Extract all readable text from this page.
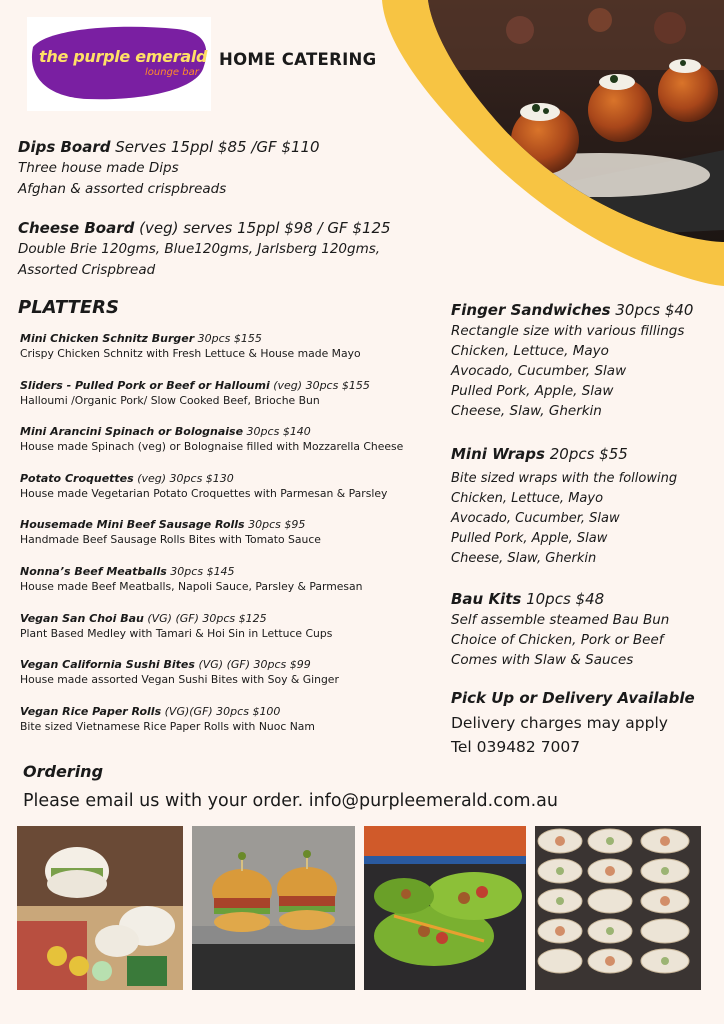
the purple emerald
lounge bar
HOME CATERING
Dips Board Serves 15ppl $85 /GF $110
Three house made Dips
Afghan & assorted crispbreads
Cheese Board (veg) serves 15ppl $98 / GF $125
Double Brie 120gms, Blue120gms, Jarlsberg 120gms,
Assorted Crispbread
PLATTERS
Mini Chicken Schnitz Burger 30pcs $155
Crispy Chicken Schnitz with Fresh Lettuce & House made Mayo
Sliders - Pulled Pork or Beef or Halloumi (veg) 30pcs $155
Halloumi /Organic Pork/ Slow Cooked Beef, Brioche Bun
Mini Arancini Spinach or Bolognaise 30pcs $140
House made Spinach (veg) or Bolognaise filled with Mozzarella Cheese
Potato Croquettes (veg) 30pcs $130
House made Vegetarian Potato Croquettes with Parmesan & Parsley
Housemade Mini Beef Sausage Rolls 30pcs $95
Handmade Beef Sausage Rolls Bites with Tomato Sauce
Nonna’s Beef Meatballs 30pcs $145
House made Beef Meatballs, Napoli Sauce, Parsley & Parmesan
Vegan San Choi Bau (VG) (GF) 30pcs $125
Plant Based Medley with Tamari & Hoi Sin in Lettuce Cups
Vegan California Sushi Bites (VG) (GF) 30pcs $99
House made assorted Vegan Sushi Bites with Soy & Ginger
Vegan Rice Paper Rolls (VG)(GF) 30pcs $100
Bite sized Vietnamese Rice Paper Rolls with Nuoc Nam
Finger Sandwiches 30pcs $40
Rectangle size with various fillings
Chicken, Lettuce, Mayo
Avocado, Cucumber, Slaw
Pulled Pork, Apple, Slaw
Cheese, Slaw, Gherkin
Mini Wraps 20pcs $55
Bite sized wraps with the following
Chicken, Lettuce, Mayo
Avocado, Cucumber, Slaw
Pulled Pork, Apple, Slaw
Cheese, Slaw, Gherkin
Bau Kits 10pcs $48
Self assemble steamed Bau Bun
Choice of Chicken, Pork or Beef
Comes with Slaw & Sauces
Pick Up or Delivery Available
Delivery charges may apply
Tel 039482 7007
Ordering
Please email us with your order. info@purpleemerald.com.au
